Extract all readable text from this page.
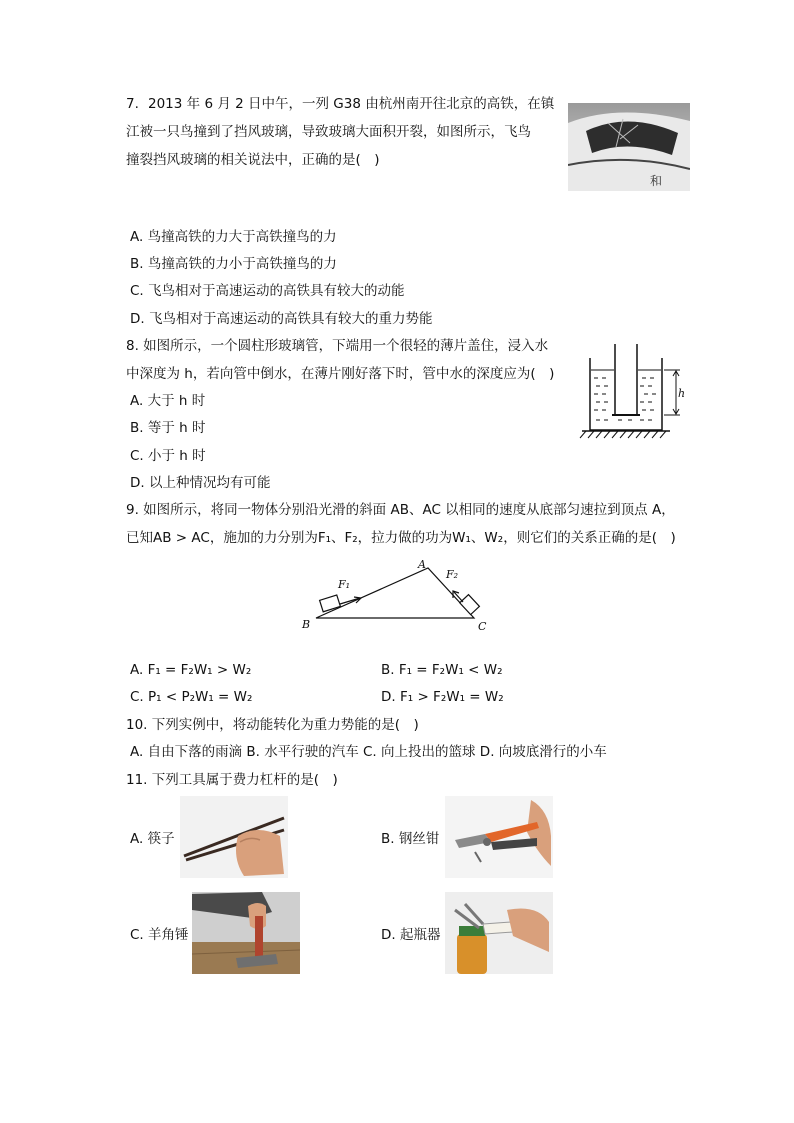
7. 2013 年 6 月 2 日中午，一列 G38 由杭州南开往北京的高铁，在镇
江被一只鸟撞到了挡风玻璃，导致玻璃大面积开裂，如图所示，飞鸟
撞裂挡风玻璃的相关说法中，正确的是(　)
和
A. 鸟撞高铁的力大于高铁撞鸟的力
B. 鸟撞高铁的力小于高铁撞鸟的力
C. 飞鸟相对于高速运动的高铁具有较大的动能
D. 飞鸟相对于高速运动的高铁具有较大的重力势能
8. 如图所示，一个圆柱形玻璃管，下端用一个很轻的薄片盖住，浸入水
中深度为 h，若向管中倒水，在薄片刚好落下时，管中水的深度应为(　)
h
A. 大于 h 时
B. 等于 h 时
C. 小于 h 时
D. 以上种情况均有可能
9. 如图所示，将同一物体分别沿光滑的斜面 AB、AC 以相同的速度从底部匀速拉到顶点 A，
已知AB > AC，施加的力分别为F₁、F₂，拉力做的功为W₁、W₂，则它们的关系正确的是(　)
B	C
A
F₁
F₂
A. F₁ = F₂W₁ > W₂	B. F₁ = F₂W₁ < W₂
C. P₁ < P₂W₁ = W₂	D. F₁ > F₂W₁ = W₂
10. 下列实例中，将动能转化为重力势能的是(　)
A. 自由下落的雨滴 B. 水平行驶的汽车 C. 向上投出的篮球 D. 向坡底滑行的小车
11. 下列工具属于费力杠杆的是(　)
A. 筷子	B. 钢丝钳
C. 羊角锤	D. 起瓶器
